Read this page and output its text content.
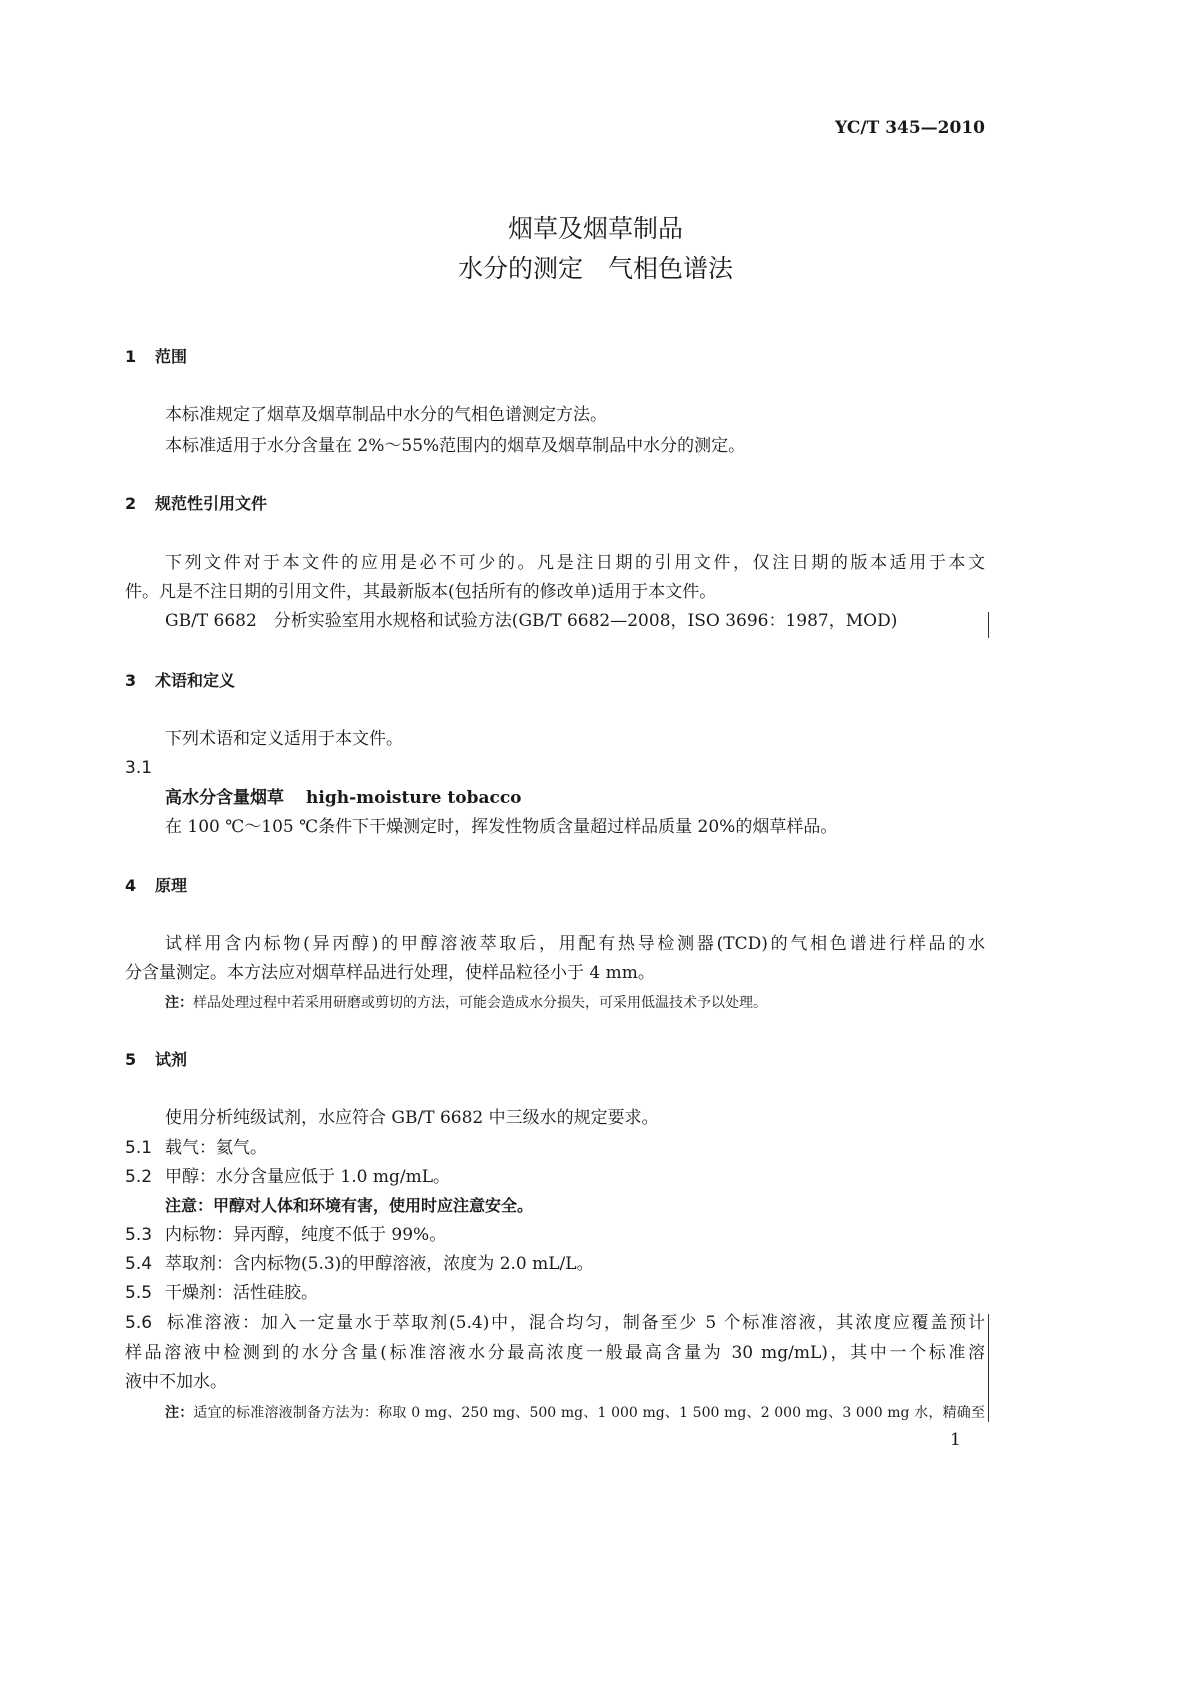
YC/T 345—2010
烟草及烟草制品
水分的测定　气相色谱法
1 范围
本标准规定了烟草及烟草制品中水分的气相色谱测定方法。
本标准适用于水分含量在 2%～55%范围内的烟草及烟草制品中水分的测定。
2 规范性引用文件
下列文件对于本文件的应用是必不可少的。凡是注日期的引用文件，仅注日期的版本适用于本文
件。凡是不注日期的引用文件，其最新版本(包括所有的修改单)适用于本文件。
GB/T 6682　分析实验室用水规格和试验方法(GB/T 6682—2008，ISO 3696：1987，MOD)
3 术语和定义
下列术语和定义适用于本文件。
3.1
高水分含量烟草 high-moisture tobacco
在 100 ℃～105 ℃条件下干燥测定时，挥发性物质含量超过样品质量 20%的烟草样品。
4 原理
试样用含内标物(异丙醇)的甲醇溶液萃取后，用配有热导检测器(TCD)的气相色谱进行样品的水
分含量测定。本方法应对烟草样品进行处理，使样品粒径小于 4 mm。
注：样品处理过程中若采用研磨或剪切的方法，可能会造成水分损失，可采用低温技术予以处理。
5 试剂
使用分析纯级试剂，水应符合 GB/T 6682 中三级水的规定要求。
5.1 载气：氦气。
5.2 甲醇：水分含量应低于 1.0 mg/mL。
注意：甲醇对人体和环境有害，使用时应注意安全。
5.3 内标物：异丙醇，纯度不低于 99%。
5.4 萃取剂：含内标物(5.3)的甲醇溶液，浓度为 2.0 mL/L。
5.5 干燥剂：活性硅胶。
5.6 标准溶液：加入一定量水于萃取剂(5.4)中，混合均匀，制备至少 5 个标准溶液，其浓度应覆盖预计
样品溶液中检测到的水分含量(标准溶液水分最高浓度一般最高含量为 30 mg/mL)，其中一个标准溶
液中不加水。
注：适宜的标准溶液制备方法为：称取 0 mg、250 mg、500 mg、1 000 mg、1 500 mg、2 000 mg、3 000 mg 水，精确至
1
